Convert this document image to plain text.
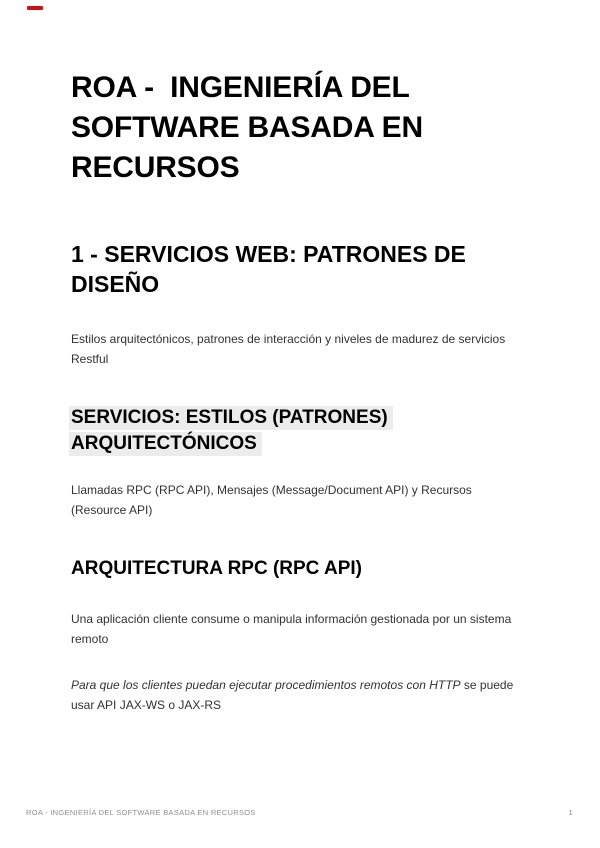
ROA -  INGENIERÍA DEL SOFTWARE BASADA EN RECURSOS
1 - SERVICIOS WEB: PATRONES DE DISEÑO

Estilos arquitectónicos, patrones de interacción y niveles de madurez de servicios Restful

SERVICIOS: ESTILOS (PATRONES) ARQUITECTÓNICOS

Llamadas RPC (RPC API), Mensajes (Message/Document API) y Recursos (Resource API)

ARQUITECTURA RPC (RPC API)

Una aplicación cliente consume o manipula información gestionada por un sistema remoto

Para que los clientes puedan ejecutar procedimientos remotos con HTTP se puede usar API JAX-WS o JAX-RS

ROA - INGENIERÍA DEL SOFTWARE BASADA EN RECURSOS	1
